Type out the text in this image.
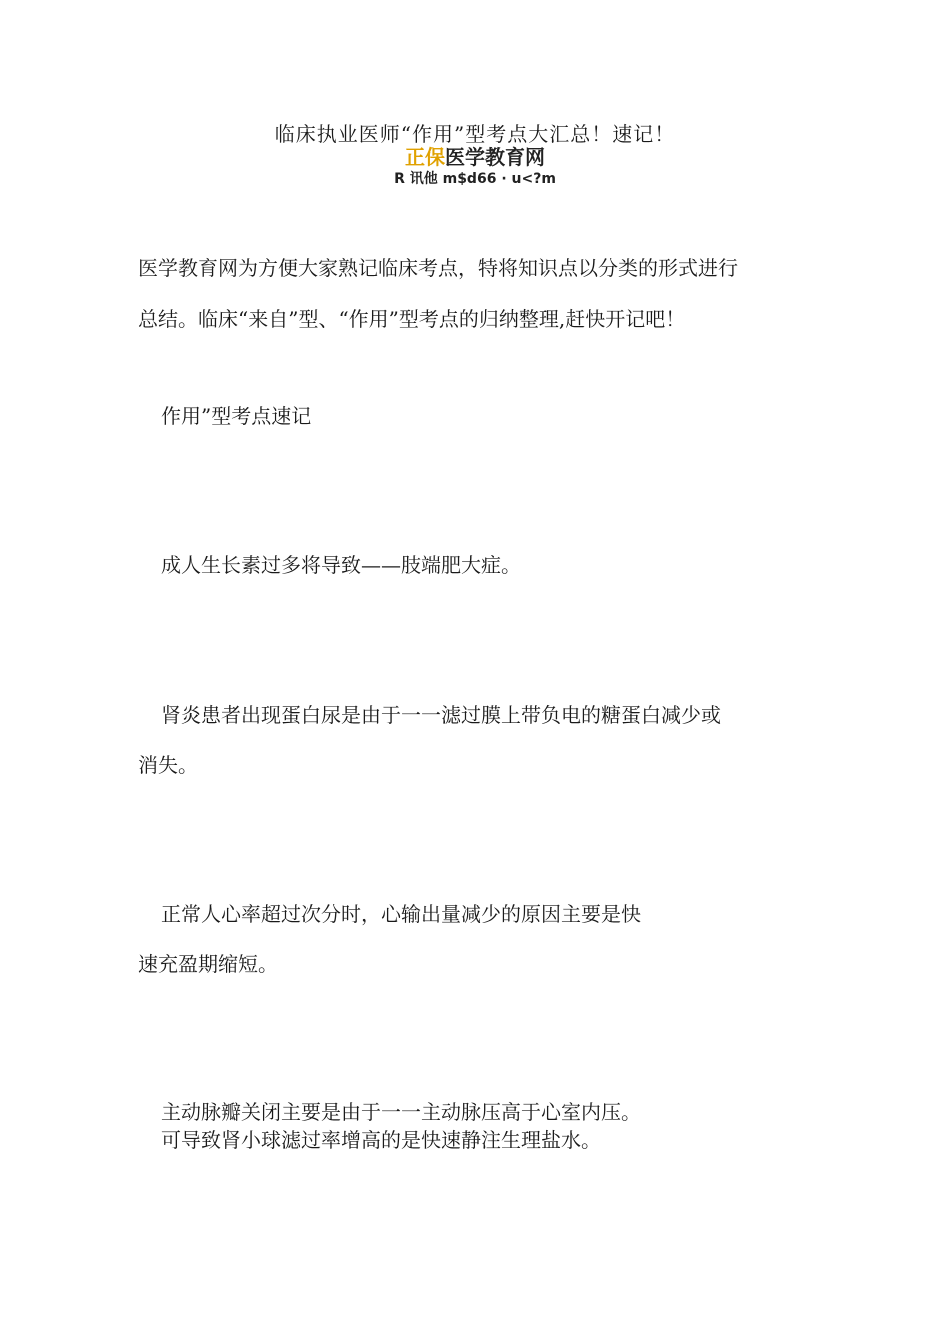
临床执业医师“作用”型考点大汇总！速记！
正保医学教育网
R 讯他 m$d66 · u<?m
医学教育网为方便大家熟记临床考点，特将知识点以分类的形式进行
总结。临床“来自”型、“作用”型考点的归纳整理,赶快开记吧！
作用”型考点速记
成人生长素过多将导致——肢端肥大症。
肾炎患者出现蛋白尿是由于一一滤过膜上带负电的糖蛋白减少或
消失。
正常人心率超过次分时，心输出量减少的原因主要是快
速充盈期缩短。
主动脉瓣关闭主要是由于一一主动脉压高于心室内压。
可导致肾小球滤过率增高的是快速静注生理盐水。
